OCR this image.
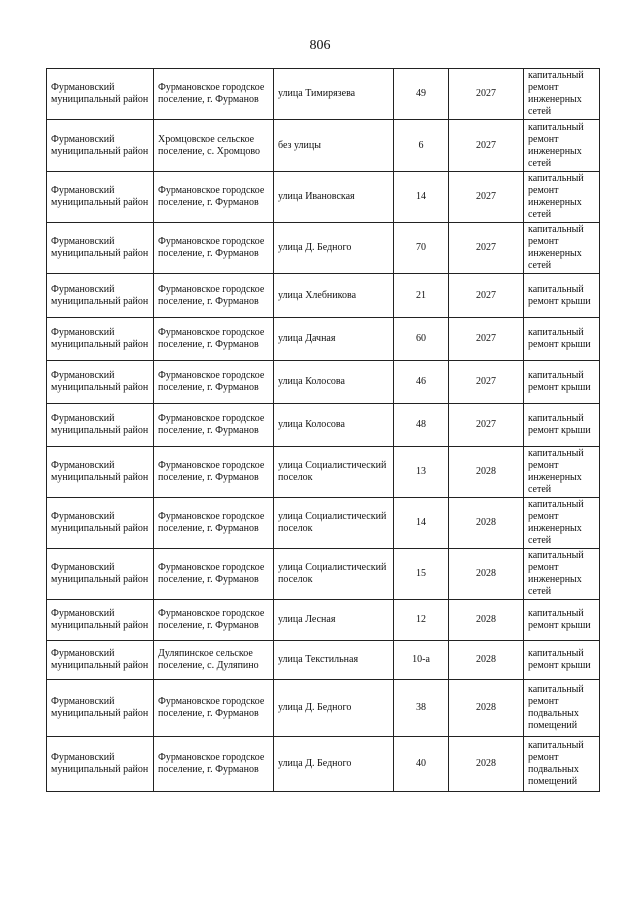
806
Фурмановский муниципальный район	Фурмановское городское поселение, г. Фурманов	улица Тимирязева	49	2027	капитальный ремонт инженерных сетей
Фурмановский муниципальный район	Хромцовское сельское поселение, с. Хромцово	без улицы	6	2027	капитальный ремонт инженерных сетей
Фурмановский муниципальный район	Фурмановское городское поселение, г. Фурманов	улица Ивановская	14	2027	капитальный ремонт инженерных сетей
Фурмановский муниципальный район	Фурмановское городское поселение, г. Фурманов	улица Д. Бедного	70	2027	капитальный ремонт инженерных сетей
Фурмановский муниципальный район	Фурмановское городское поселение, г. Фурманов	улица Хлебникова	21	2027	капитальный ремонт крыши
Фурмановский муниципальный район	Фурмановское городское поселение, г. Фурманов	улица Дачная	60	2027	капитальный ремонт крыши
Фурмановский муниципальный район	Фурмановское городское поселение, г. Фурманов	улица Колосова	46	2027	капитальный ремонт крыши
Фурмановский муниципальный район	Фурмановское городское поселение, г. Фурманов	улица Колосова	48	2027	капитальный ремонт крыши
Фурмановский муниципальный район	Фурмановское городское поселение, г. Фурманов	улица Социалистический поселок	13	2028	капитальный ремонт инженерных сетей
Фурмановский муниципальный район	Фурмановское городское поселение, г. Фурманов	улица Социалистический поселок	14	2028	капитальный ремонт инженерных сетей
Фурмановский муниципальный район	Фурмановское городское поселение, г. Фурманов	улица Социалистический поселок	15	2028	капитальный ремонт инженерных сетей
Фурмановский муниципальный район	Фурмановское городское поселение, г. Фурманов	улица Лесная	12	2028	капитальный ремонт крыши
Фурмановский муниципальный район	Дуляпинское сельское поселение, с. Дуляпино	улица Текстильная	10-а	2028	капитальный ремонт крыши
Фурмановский муниципальный район	Фурмановское городское поселение, г. Фурманов	улица Д. Бедного	38	2028	капитальный ремонт подвальных помещений
Фурмановский муниципальный район	Фурмановское городское поселение, г. Фурманов	улица Д. Бедного	40	2028	капитальный ремонт подвальных помещений
